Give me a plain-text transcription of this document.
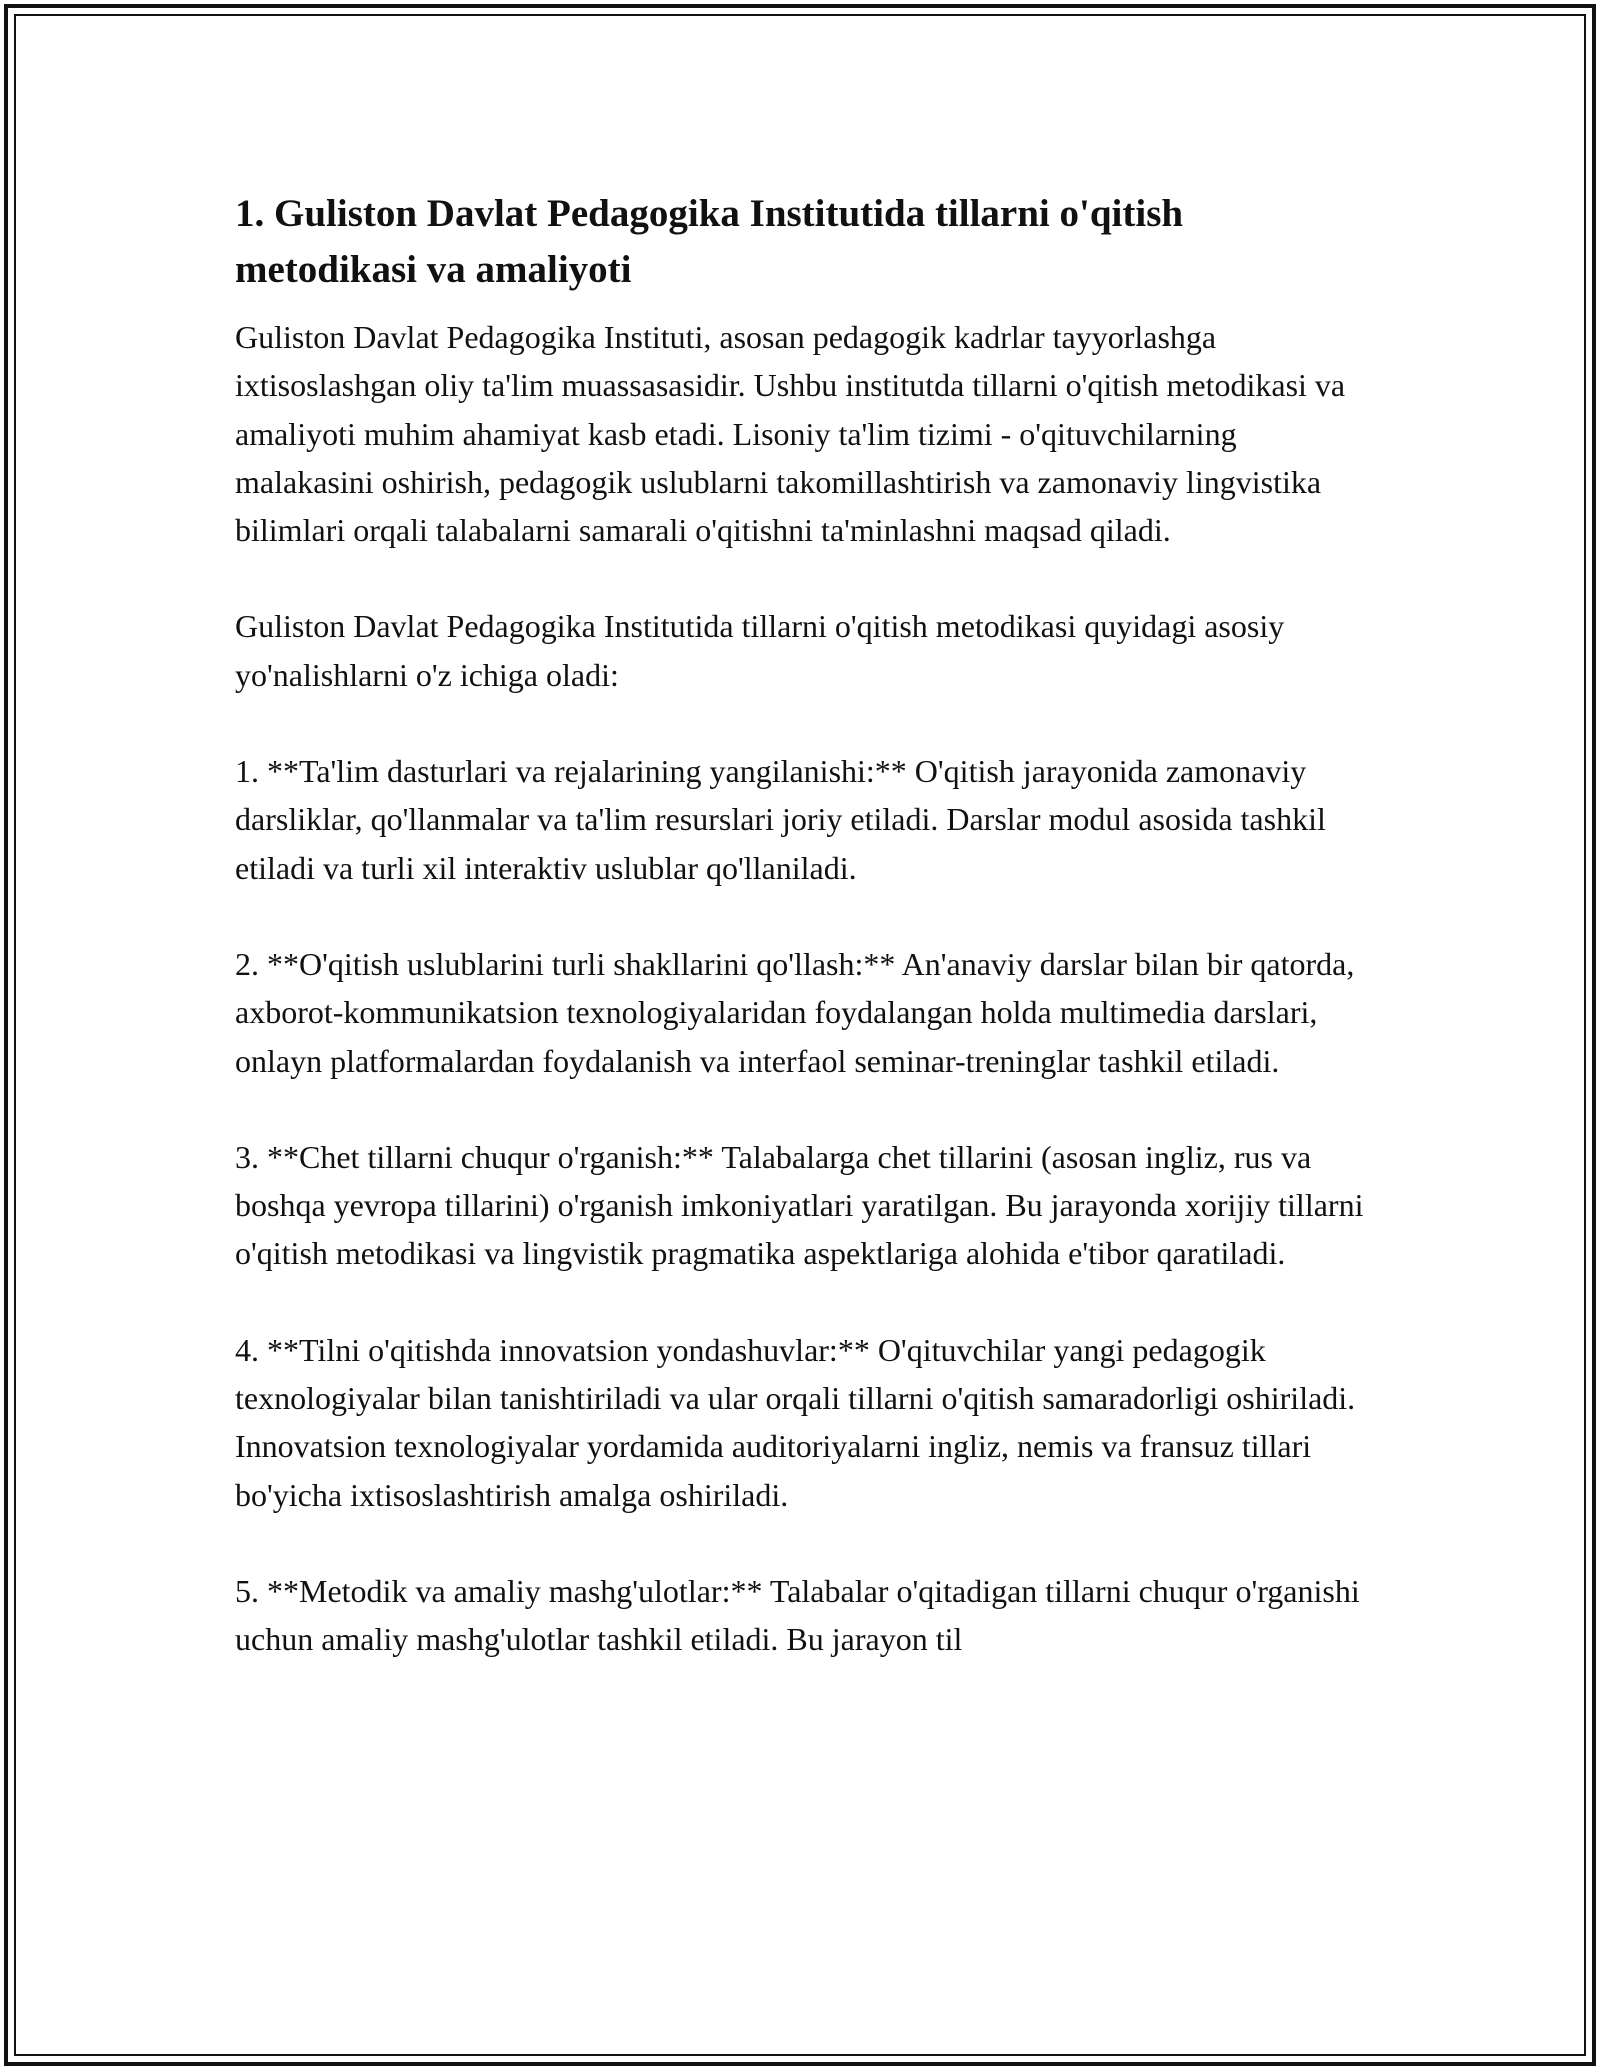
1. Guliston Davlat Pedagogika Institutida tillarni o'qitish metodikasi va amaliyoti

Guliston Davlat Pedagogika Instituti, asosan pedagogik kadrlar tayyorlashga ixtisoslashgan oliy ta'lim muassasasidir. Ushbu institutda tillarni o'qitish metodikasi va amaliyoti muhim ahamiyat kasb etadi. Lisoniy ta'lim tizimi - o'qituvchilarning malakasini oshirish, pedagogik uslublarni takomillashtirish va zamonaviy lingvistika bilimlari orqali talabalarni samarali o'qitishni ta'minlashni maqsad qiladi.

Guliston Davlat Pedagogika Institutida tillarni o'qitish metodikasi quyidagi asosiy yo'nalishlarni o'z ichiga oladi:

1. **Ta'lim dasturlari va rejalarining yangilanishi:** O'qitish jarayonida zamonaviy darsliklar, qo'llanmalar va ta'lim resurslari joriy etiladi. Darslar modul asosida tashkil etiladi va turli xil interaktiv uslublar qo'llaniladi.

2. **O'qitish uslublarini turli shakllarini qo'llash:** An'anaviy darslar bilan bir qatorda, axborot-kommunikatsion texnologiyalaridan foydalangan holda multimedia darslari, onlayn platformalardan foydalanish va interfaol seminar-treninglar tashkil etiladi.

3. **Chet tillarni chuqur o'rganish:** Talabalarga chet tillarini (asosan ingliz, rus va boshqa yevropa tillarini) o'rganish imkoniyatlari yaratilgan. Bu jarayonda xorijiy tillarni o'qitish metodikasi va lingvistik pragmatika aspektlariga alohida e'tibor qaratiladi.

4. **Tilni o'qitishda innovatsion yondashuvlar:** O'qituvchilar yangi pedagogik texnologiyalar bilan tanishtiriladi va ular orqali tillarni o'qitish samaradorligi oshiriladi. Innovatsion texnologiyalar yordamida auditoriyalarni ingliz, nemis va fransuz tillari bo'yicha ixtisoslashtirish amalga oshiriladi.

5. **Metodik va amaliy mashg'ulotlar:** Talabalar o'qitadigan tillarni chuqur o'rganishi uchun amaliy mashg'ulotlar tashkil etiladi. Bu jarayon til
